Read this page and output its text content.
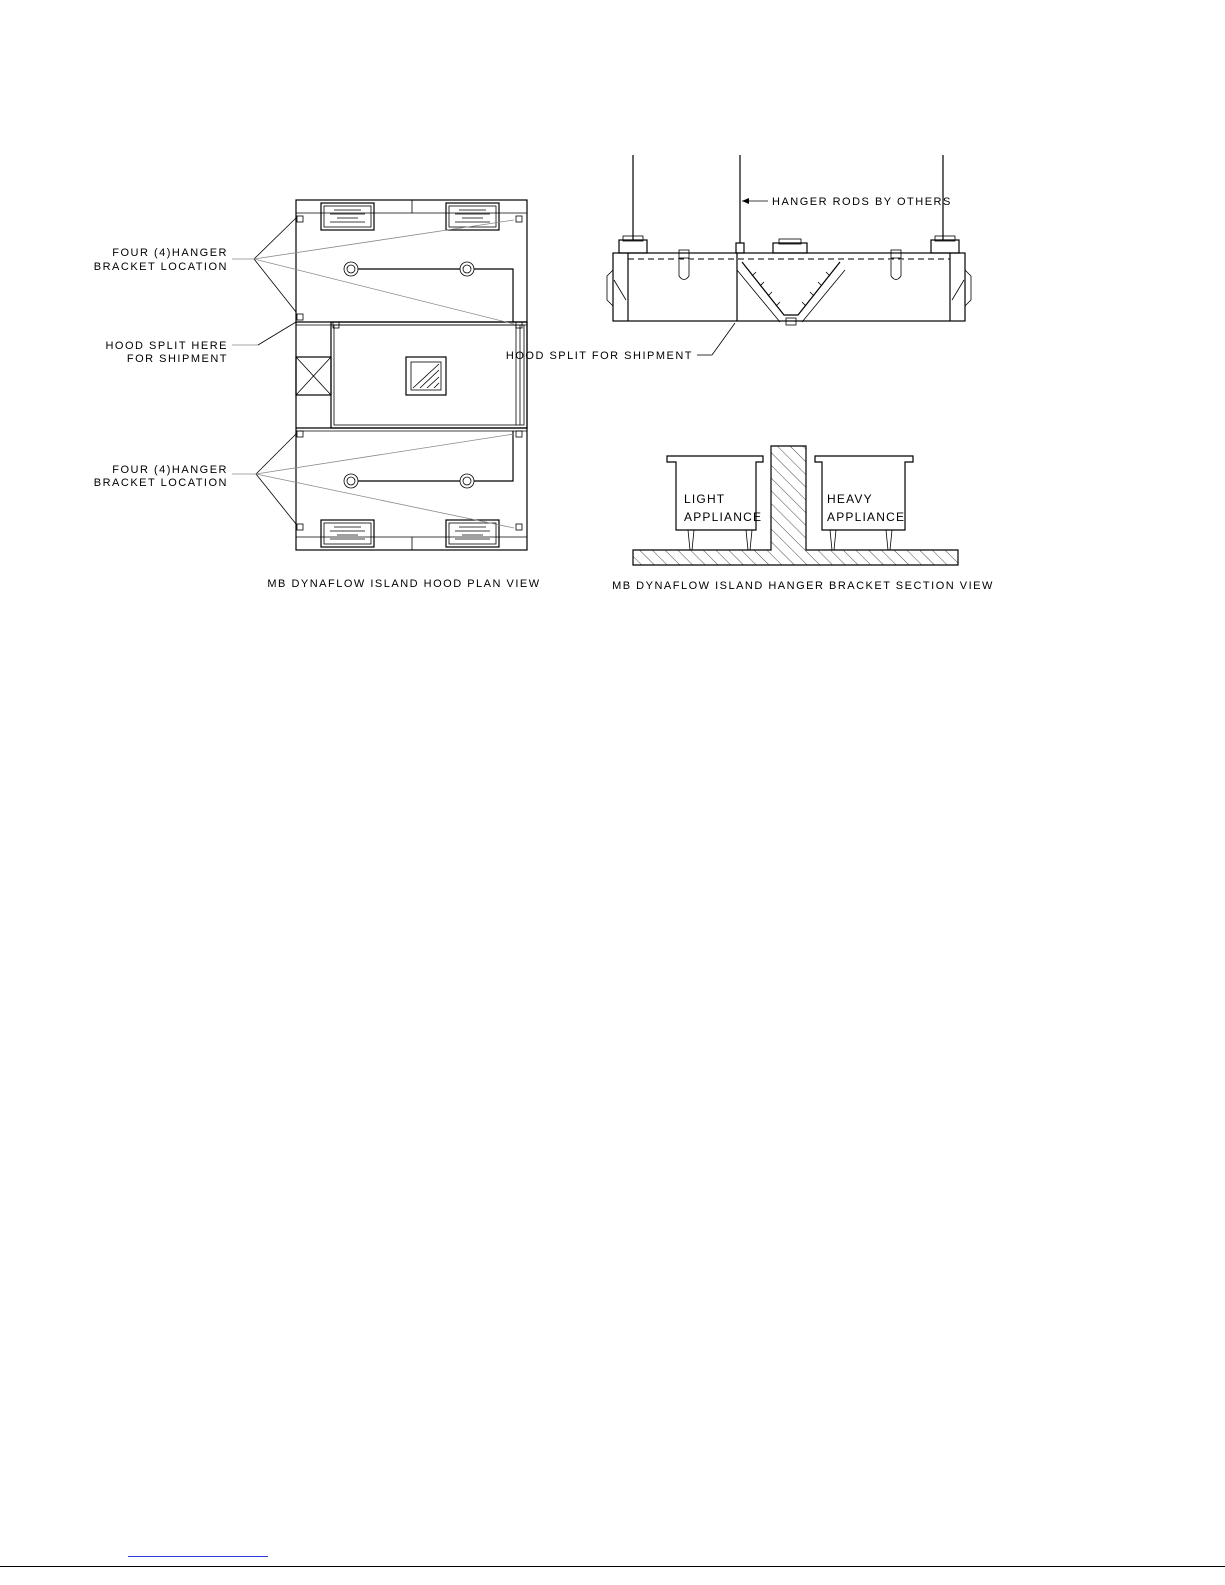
FOUR (4)HANGER
BRACKET LOCATION
HOOD SPLIT HERE
FOR SHIPMENT
FOUR (4)HANGER
BRACKET LOCATION
MB DYNAFLOW ISLAND HOOD PLAN VIEW
HANGER RODS BY OTHERS
HOOD SPLIT FOR SHIPMENT
LIGHT
APPLIANCE
HEAVY
APPLIANCE
MB DYNAFLOW ISLAND HANGER BRACKET SECTION VIEW
